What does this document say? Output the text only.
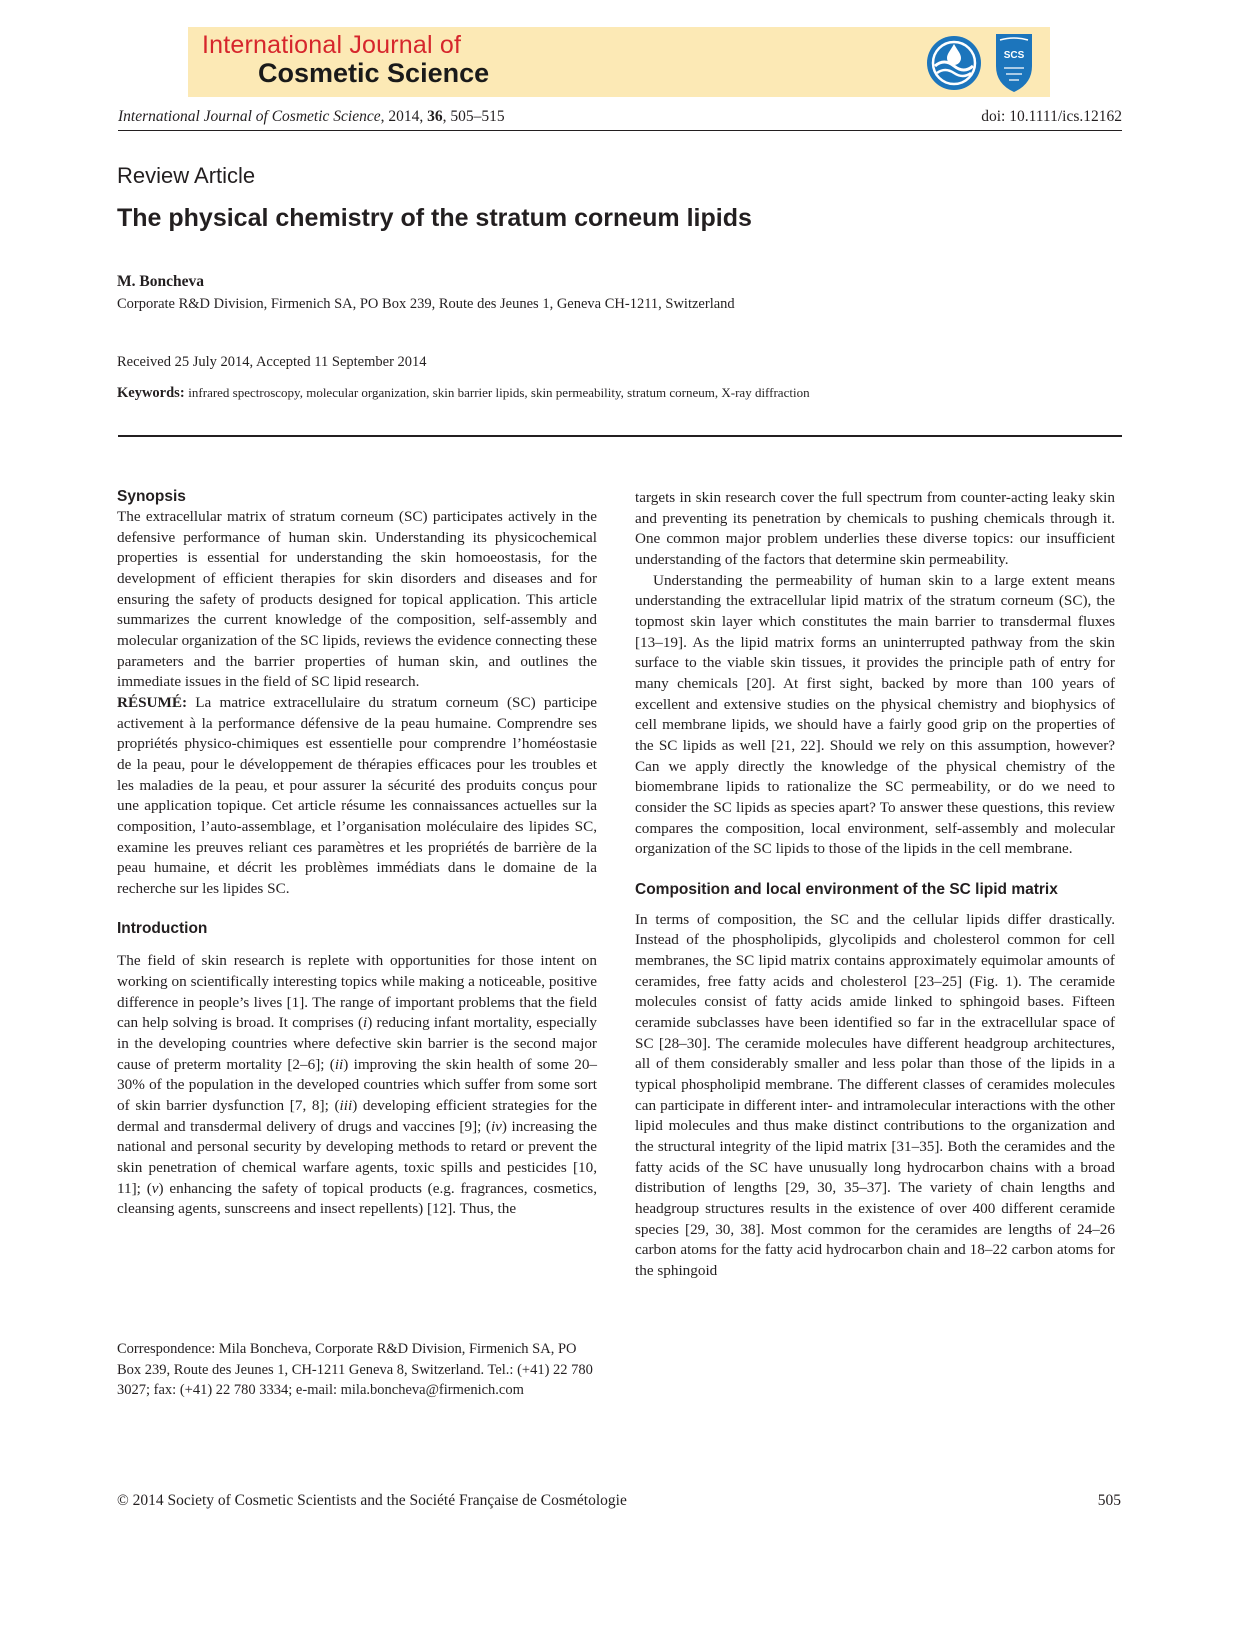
International Journal of
Cosmetic Science
SCS
International Journal of Cosmetic Science, 2014, 36, 505–515	doi: 10.1111/ics.12162
Review Article
The physical chemistry of the stratum corneum lipids
M. Boncheva
Corporate R&D Division, Firmenich SA, PO Box 239, Route des Jeunes 1, Geneva CH-1211, Switzerland
Received 25 July 2014, Accepted 11 September 2014
Keywords: infrared spectroscopy, molecular organization, skin barrier lipids, skin permeability, stratum corneum, X-ray diffraction
Synopsis

The extracellular matrix of stratum corneum (SC) participates actively in the defensive performance of human skin. Understanding its physicochemical properties is essential for understanding the skin homoeostasis, for the development of efficient therapies for skin disorders and diseases and for ensuring the safety of products designed for topical application. This article summarizes the current knowledge of the composition, self-assembly and molecular organization of the SC lipids, reviews the evidence connecting these parameters and the barrier properties of human skin, and outlines the immediate issues in the field of SC lipid research.

RÉSUMÉ: La matrice extracellulaire du stratum corneum (SC) participe activement à la performance défensive de la peau humaine. Comprendre ses propriétés physico-chimiques est essentielle pour comprendre l’homéostasie de la peau, pour le développement de thérapies efficaces pour les troubles et les maladies de la peau, et pour assurer la sécurité des produits conçus pour une application topique. Cet article résume les connaissances actuelles sur la composition, l’auto-assemblage, et l’organisation moléculaire des lipides SC, examine les preuves reliant ces paramètres et les propriétés de barrière de la peau humaine, et décrit les problèmes immédiats dans le domaine de la recherche sur les lipides SC.

Introduction

The field of skin research is replete with opportunities for those intent on working on scientifically interesting topics while making a noticeable, positive difference in people’s lives [1]. The range of important problems that the field can help solving is broad. It comprises (i) reducing infant mortality, especially in the developing countries where defective skin barrier is the second major cause of preterm mortality [2–6]; (ii) improving the skin health of some 20–30% of the population in the developed countries which suffer from some sort of skin barrier dysfunction [7, 8]; (iii) developing efficient strategies for the dermal and transdermal delivery of drugs and vaccines [9]; (iv) increasing the national and personal security by developing methods to retard or prevent the skin penetration of chemical warfare agents, toxic spills and pesticides [10, 11]; (v) enhancing the safety of topical products (e.g. fragrances, cosmetics, cleansing agents, sunscreens and insect repellents) [12]. Thus, the

Correspondence: Mila Boncheva, Corporate R&D Division, Firmenich SA, PO Box 239, Route des Jeunes 1, CH-1211 Geneva 8, Switzerland. Tel.: (+41) 22 780 3027; fax: (+41) 22 780 3334; e-mail: mila.boncheva@firmenich.com

targets in skin research cover the full spectrum from counter-acting leaky skin and preventing its penetration by chemicals to pushing chemicals through it. One common major problem underlies these diverse topics: our insufficient understanding of the factors that determine skin permeability.

Understanding the permeability of human skin to a large extent means understanding the extracellular lipid matrix of the stratum corneum (SC), the topmost skin layer which constitutes the main barrier to transdermal fluxes [13–19]. As the lipid matrix forms an uninterrupted pathway from the skin surface to the viable skin tissues, it provides the principle path of entry for many chemicals [20]. At first sight, backed by more than 100 years of excellent and extensive studies on the physical chemistry and biophysics of cell membrane lipids, we should have a fairly good grip on the properties of the SC lipids as well [21, 22]. Should we rely on this assumption, however? Can we apply directly the knowledge of the physical chemistry of the biomembrane lipids to rationalize the SC permeability, or do we need to consider the SC lipids as species apart? To answer these questions, this review compares the composition, local environment, self-assembly and molecular organization of the SC lipids to those of the lipids in the cell membrane.

Composition and local environment of the SC lipid matrix

In terms of composition, the SC and the cellular lipids differ drastically. Instead of the phospholipids, glycolipids and cholesterol common for cell membranes, the SC lipid matrix contains approximately equimolar amounts of ceramides, free fatty acids and cholesterol [23–25] (Fig. 1). The ceramide molecules consist of fatty acids amide linked to sphingoid bases. Fifteen ceramide subclasses have been identified so far in the extracellular space of SC [28–30]. The ceramide molecules have different headgroup architectures, all of them considerably smaller and less polar than those of the lipids in a typical phospholipid membrane. The different classes of ceramides molecules can participate in different inter- and intramolecular interactions with the other lipid molecules and thus make distinct contributions to the organization and the structural integrity of the lipid matrix [31–35]. Both the ceramides and the fatty acids of the SC have unusually long hydrocarbon chains with a broad distribution of lengths [29, 30, 35–37]. The variety of chain lengths and headgroup structures results in the existence of over 400 different ceramide species [29, 30, 38]. Most common for the ceramides are lengths of 24–26 carbon atoms for the fatty acid hydrocarbon chain and 18–22 carbon atoms for the sphingoid

© 2014 Society of Cosmetic Scientists and the Société Française de Cosmétologie	505
